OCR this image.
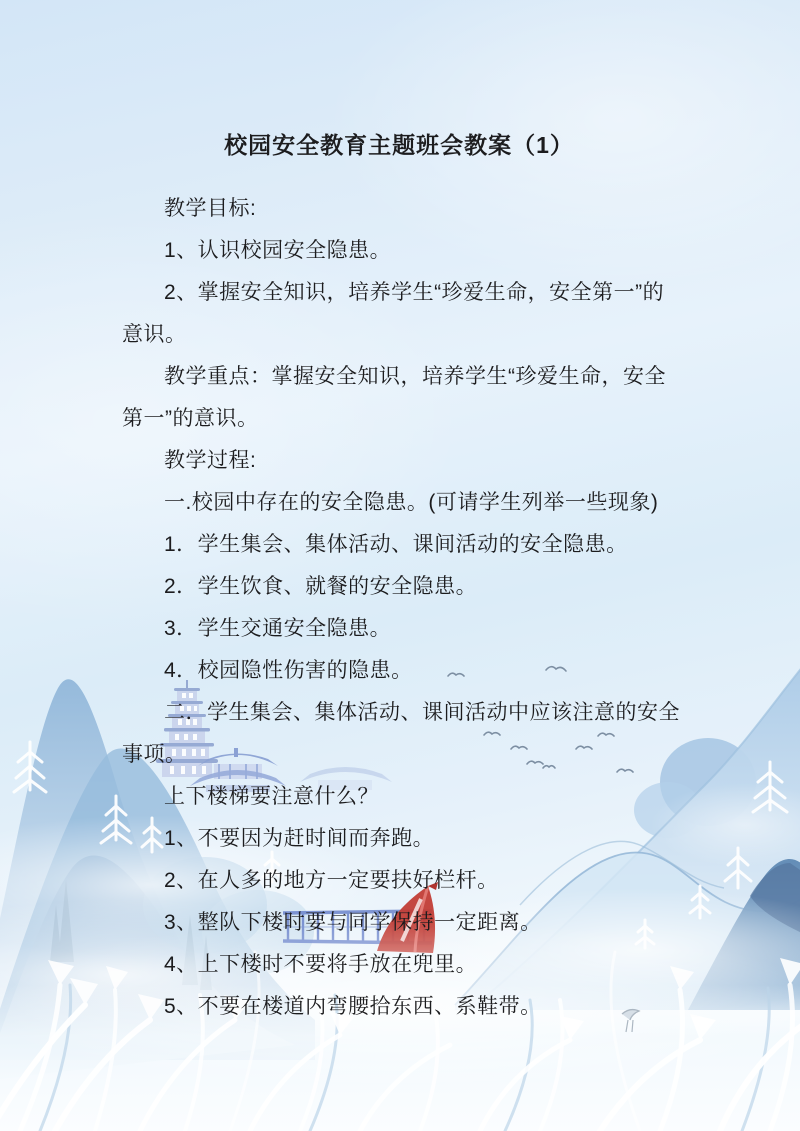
校园安全教育主题班会教案（1）

教学目标:

1、认识校园安全隐患。

2、掌握安全知识，培养学生“珍爱生命，安全第一”的

意识。

教学重点：掌握安全知识，培养学生“珍爱生命，安全

第一”的意识。

教学过程:

一.校园中存在的安全隐患。(可请学生列举一些现象)

1．学生集会、集体活动、课间活动的安全隐患。

2．学生饮食、就餐的安全隐患。

3．学生交通安全隐患。

4．校园隐性伤害的隐患。

二．学生集会、集体活动、课间活动中应该注意的安全

事项。

上下楼梯要注意什么？

1、不要因为赶时间而奔跑。

2、在人多的地方一定要扶好栏杆。

3、整队下楼时要与同学保持一定距离。

4、上下楼时不要将手放在兜里。

5、不要在楼道内弯腰拾东西、系鞋带。
